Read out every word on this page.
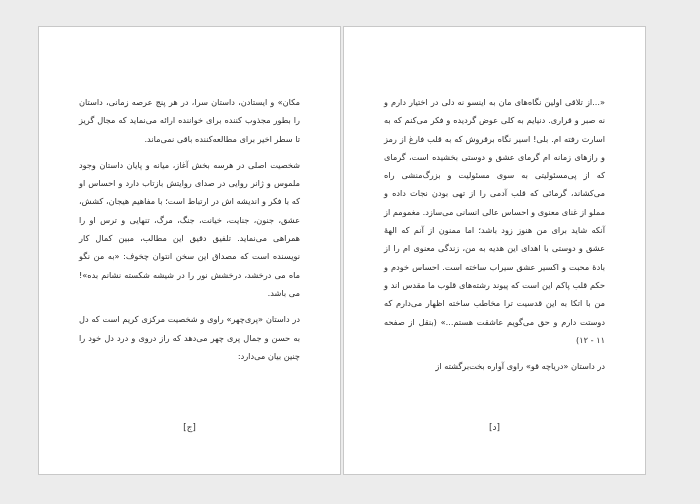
مکان» و ایستادن، داستان سرا، در هر پنج عرصه زمانی، داستان را بطور مجذوب کننده برای خواننده ارائه می‌نماید که مجال گریز تا سطر اخیر برای مطالعه‌کننده باقی نمی‌ماند.

شخصیت اصلی در هرسه بخش آغاز، میانه و پایان داستان وجود ملموس و ژانر روایی در صدای روایتش بازتاب دارد و احساس او که با فکر و اندیشه اش در ارتباط است؛ با مفاهیم هیجان، کشش، عشق، جنون، جنایت، خیانت، جنگ، مرگ، تنهایی و ترس او را همراهی می‌نماید. تلفیق دقیق این مطالب، مبین کمال کار نویسنده است که مصداق این سخن انتوان چخوف: «به من نگو ماه می درخشد، درخشش نور را در شیشه شکسته نشانم بده»! می باشد.

در داستان «پری‌چهر» راوی و شخصیت مرکزی کریم است که دل به حسن و جمال پری چهر می‌دهد که راز دروی و درد دل خود را چنین بیان می‌دارد:

[ج]

«...از تلاقی اولین نگاه‌های مان به اینسو نه دلی در اختیار دارم و نه صبر و قراری. دنیایم به کلی عوض گردیده و فکر می‌کنم که به اسارت رفته ام. بلی! اسیر نگاه برقروش که به قلب فارغ از رمز و رازهای زمانه ام گرمای عشق و دوستی بخشیده است، گرمای که از پی‌مسئولیتی به سوی مسئولیت و بزرگ‌منشی راه می‌کشاند، گرمائی که قلب آدمی را از تهی بودن نجات داده و مملو از غنای معنوی و احساس عالی انسانی می‌سازد. مغمومم از آنکه شاید برای من هنوز زود باشد؛ اما ممنون از آنم که الهۀ عشق و دوستی با اهدای این هدیه به من، زندگی معنوی ام را از بادۀ محبت و اکسیر عشق سیراب ساخته است. احساس خودم و حکم قلب پاکم این است که پیوند رشته‌های قلوب ما مقدس اند و من با اتکا به این قدسیت ترا مخاطب ساخته اظهار می‌دارم که دوستت دارم و حق می‌گویم عاشقت هستم...» (بنقل از صفحه ۱۱ - ۱۲)

در داستان «دریاچه قو» راوی آواره بخت‌برگشته از

[د]
